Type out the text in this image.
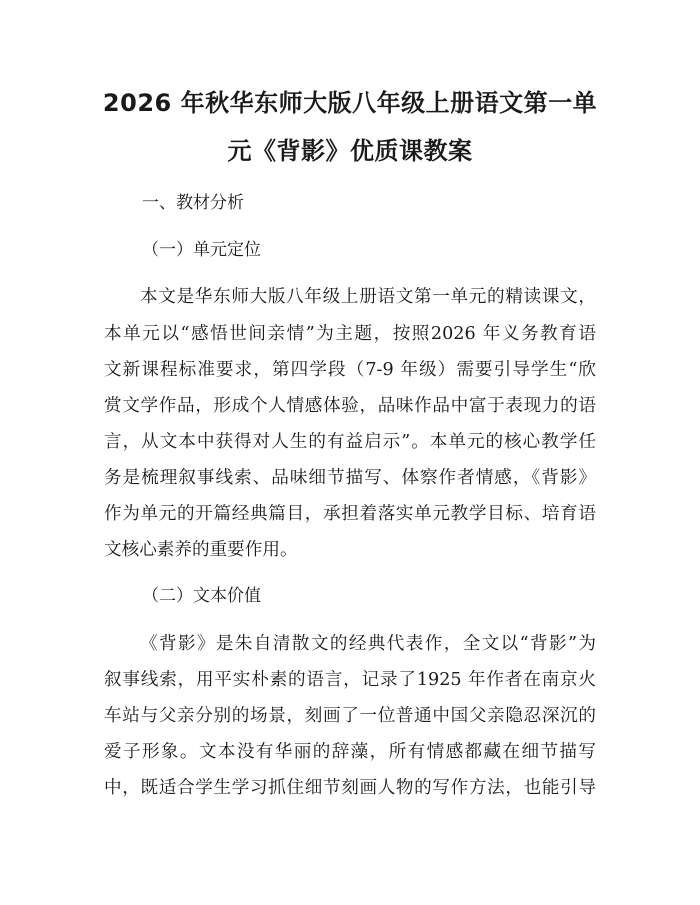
2026 年秋华东师大版八年级上册语文第一单
元《背影》优质课教案

一、教材分析

（一）单元定位

本文是华东师大版八年级上册语文第一单元的精读课文，

本单元以“感悟世间亲情”为主题，按照2026 年义务教育语

文新课程标准要求，第四学段（7-9 年级）需要引导学生“欣

赏文学作品，形成个人情感体验，品味作品中富于表现力的语

言，从文本中获得对人生的有益启示”。本单元的核心教学任

务是梳理叙事线索、品味细节描写、体察作者情感，《背影》

作为单元的开篇经典篇目，承担着落实单元教学目标、培育语

文核心素养的重要作用。

（二）文本价值

《背影》是朱自清散文的经典代表作，全文以“背影”为

叙事线索，用平实朴素的语言，记录了1925 年作者在南京火

车站与父亲分别的场景，刻画了一位普通中国父亲隐忍深沉的

爱子形象。文本没有华丽的辞藻，所有情感都藏在细节描写

中，既适合学生学习抓住细节刻画人物的写作方法，也能引导
